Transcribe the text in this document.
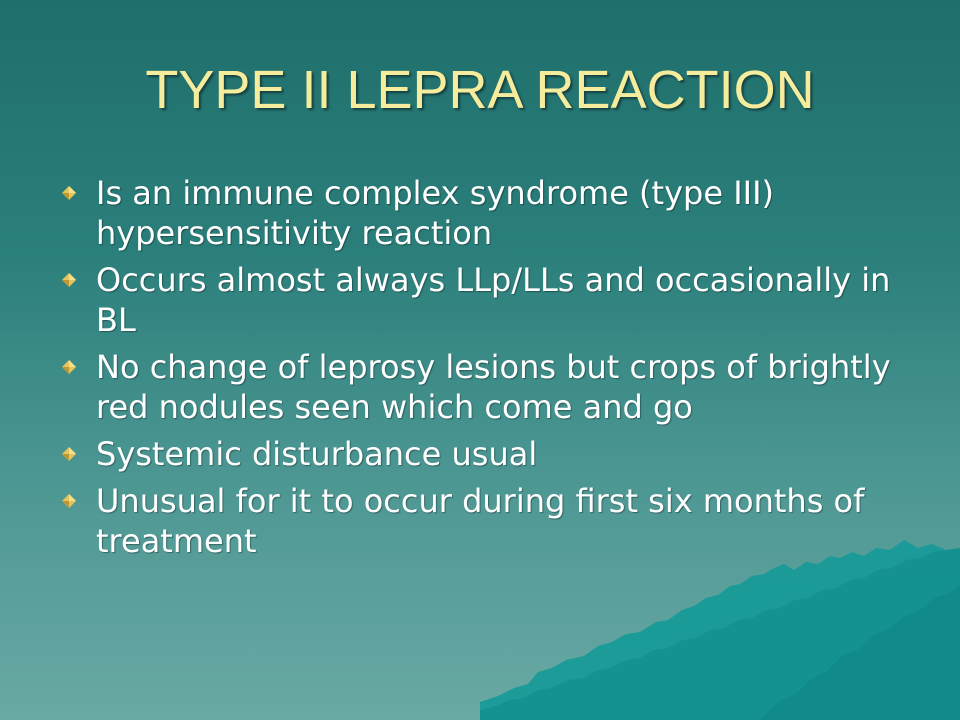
TYPE II LEPRA REACTION
Is an immune complex syndrome (type III) hypersensitivity reaction
Occurs almost always LLp/LLs and occasionally in BL
No change of leprosy lesions but crops of brightly red nodules seen which come and go
Systemic disturbance usual
Unusual for it to occur during first six months of treatment
